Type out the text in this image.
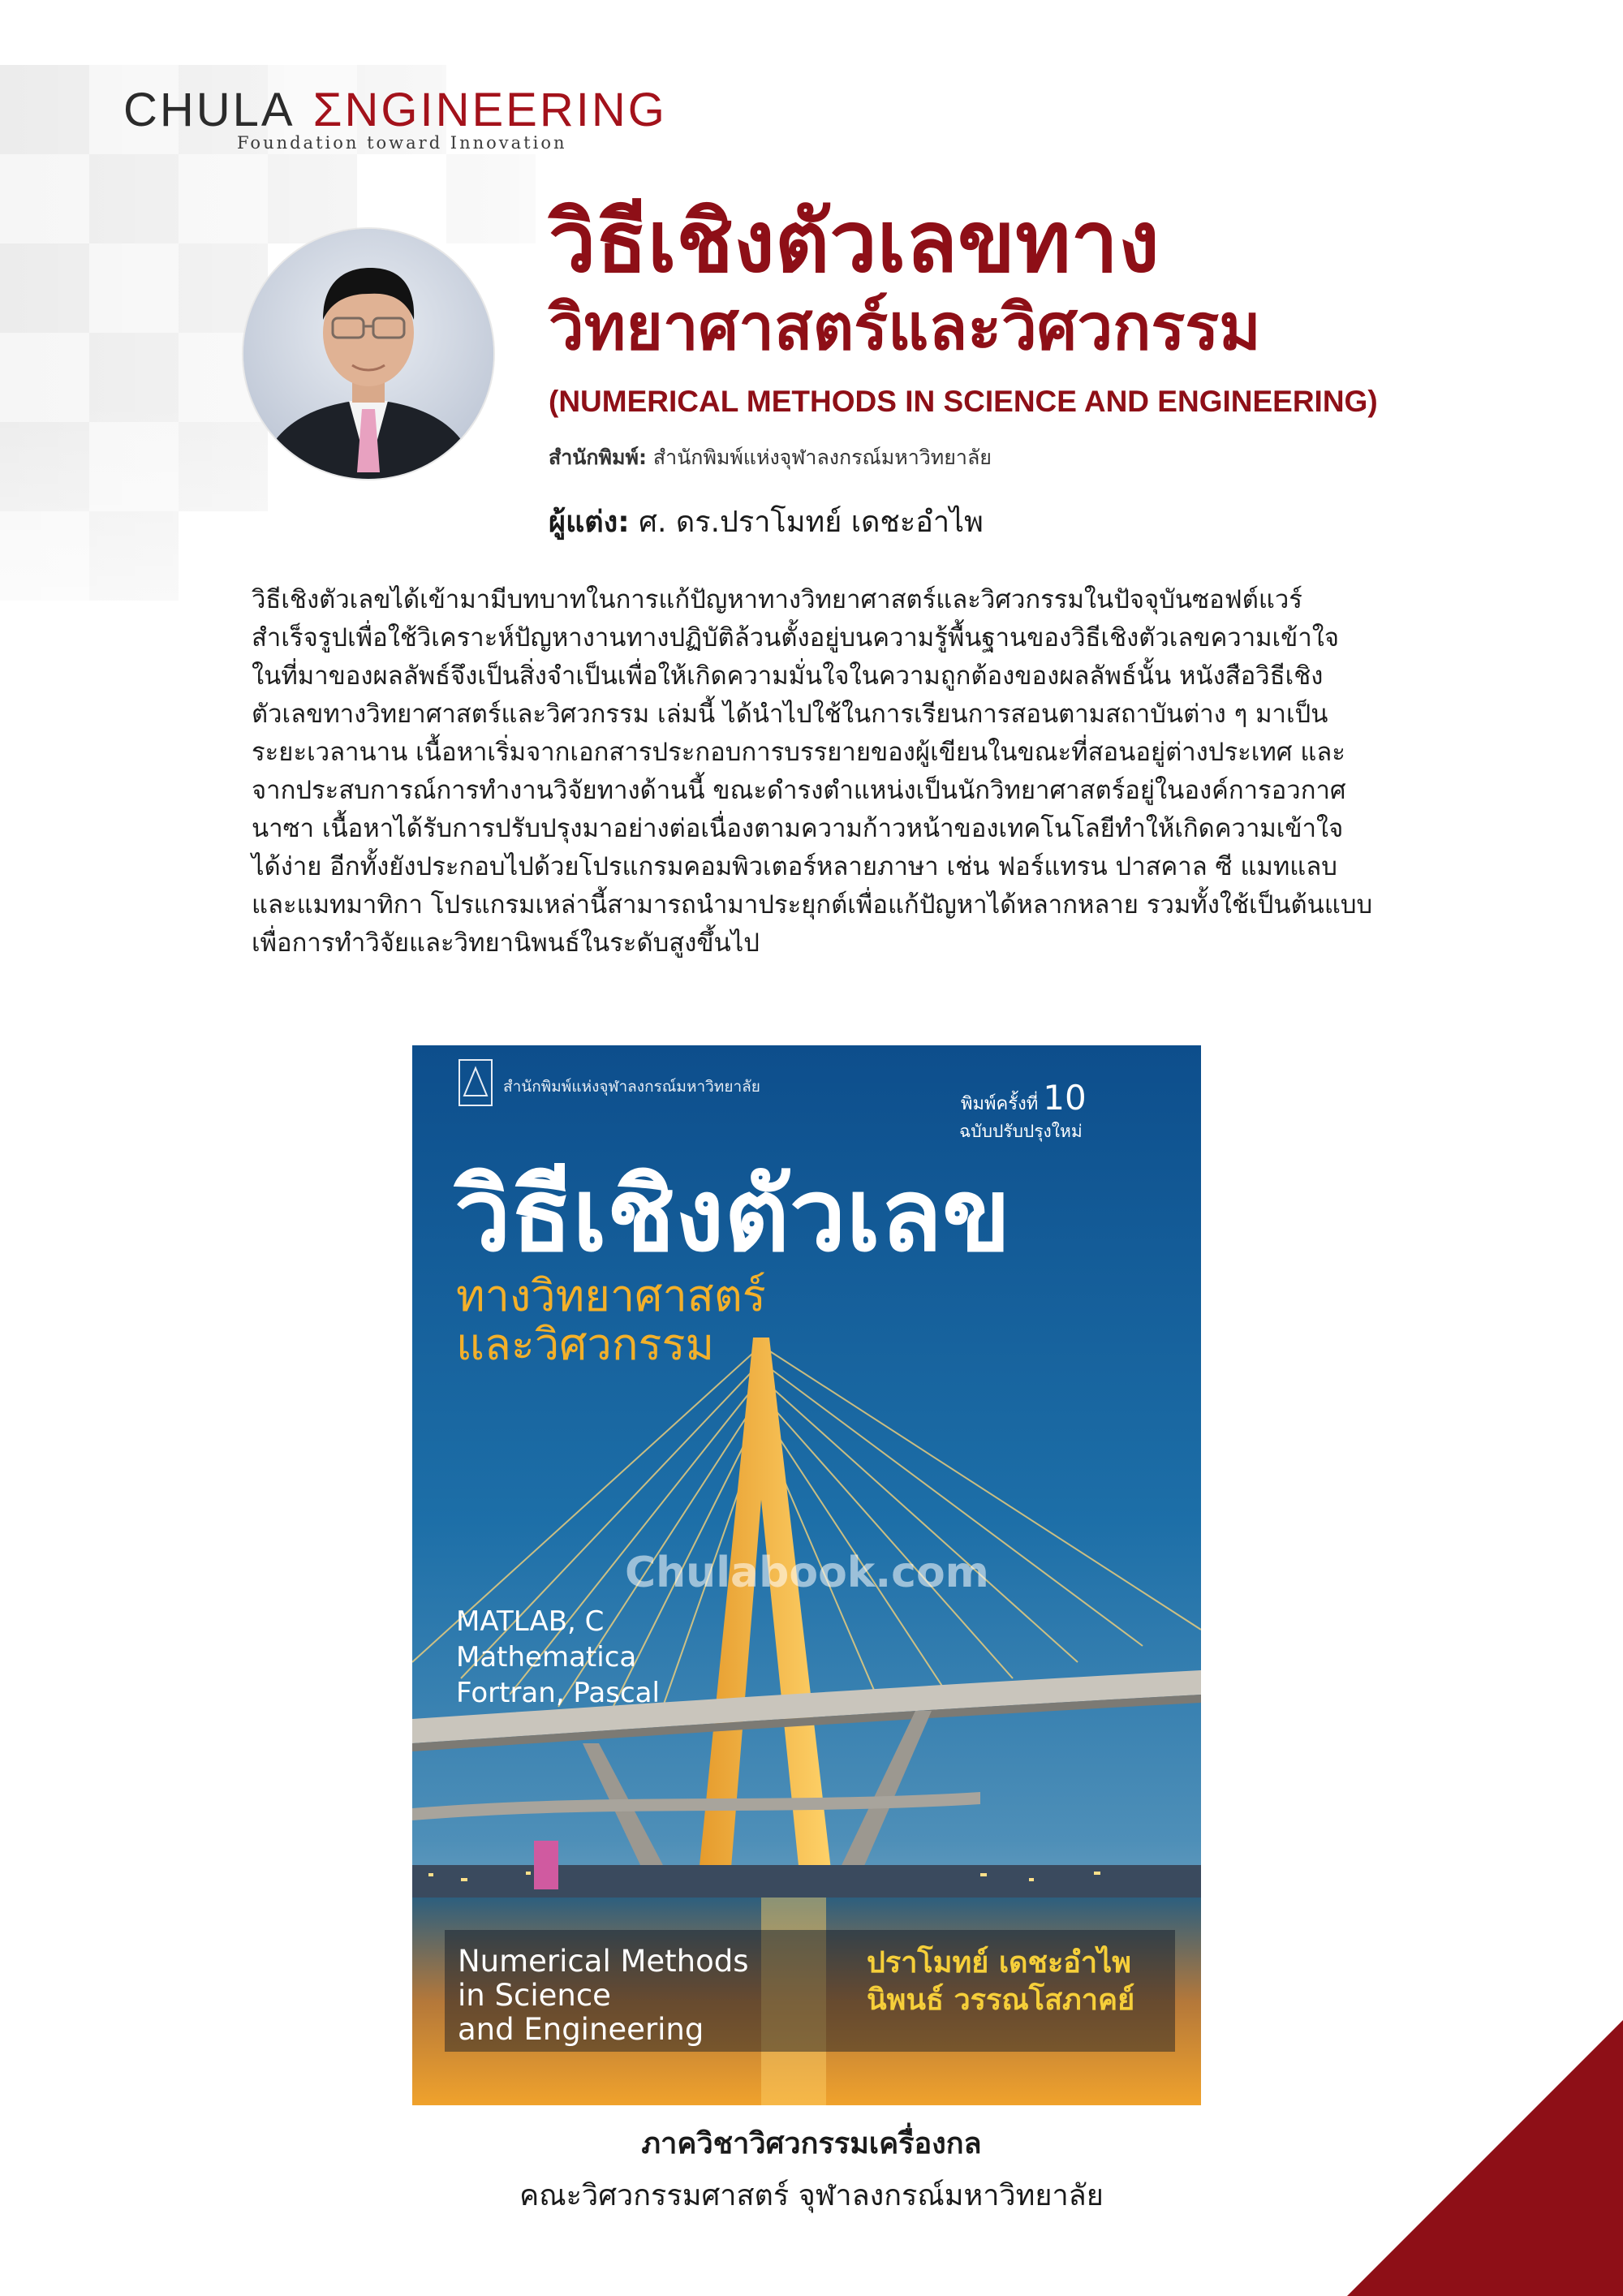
CHULA ƩNGINEERING
Foundation toward Innovation
วิธีเชิงตัวเลขทาง
วิทยาศาสตร์และวิศวกรรม
(NUMERICAL METHODS IN SCIENCE AND ENGINEERING)
สำนักพิมพ์: สำนักพิมพ์แห่งจุฬาลงกรณ์มหาวิทยาลัย
ผู้แต่ง: ศ. ดร.ปราโมทย์ เดชะอำไพ
วิธีเชิงตัวเลขได้เข้ามามีบทบาทในการแก้ปัญหาทางวิทยาศาสตร์และวิศวกรรมในปัจจุบันซอฟต์แวร์
สำเร็จรูปเพื่อใช้วิเคราะห์ปัญหางานทางปฏิบัติล้วนตั้งอยู่บนความรู้พื้นฐานของวิธีเชิงตัวเลขความเข้าใจ
ในที่มาของผลลัพธ์จึงเป็นสิ่งจำเป็นเพื่อให้เกิดความมั่นใจในความถูกต้องของผลลัพธ์นั้น หนังสือวิธีเชิง
ตัวเลขทางวิทยาศาสตร์และวิศวกรรม เล่มนี้ ได้นำไปใช้ในการเรียนการสอนตามสถาบันต่าง ๆ มาเป็น
ระยะเวลานาน เนื้อหาเริ่มจากเอกสารประกอบการบรรยายของผู้เขียนในขณะที่สอนอยู่ต่างประเทศ และ
จากประสบการณ์การทำงานวิจัยทางด้านนี้ ขณะดำรงตำแหน่งเป็นนักวิทยาศาสตร์อยู่ในองค์การอวกาศ
นาซา เนื้อหาได้รับการปรับปรุงมาอย่างต่อเนื่องตามความก้าวหน้าของเทคโนโลยีทำให้เกิดความเข้าใจ
ได้ง่าย อีกทั้งยังประกอบไปด้วยโปรแกรมคอมพิวเตอร์หลายภาษา เช่น ฟอร์แทรน ปาสคาล ซี แมทแลบ
และแมทมาทิกา โปรแกรมเหล่านี้สามารถนำมาประยุกต์เพื่อแก้ปัญหาได้หลากหลาย รวมทั้งใช้เป็นต้นแบบ
เพื่อการทำวิจัยและวิทยานิพนธ์ในระดับสูงขึ้นไป
สำนักพิมพ์แห่งจุฬาลงกรณ์มหาวิทยาลัย
พิมพ์ครั้งที่ 10
ฉบับปรับปรุงใหม่
วิธีเชิงตัวเลข
ทางวิทยาศาสตร์
และวิศวกรรม
Chulabook.com
MATLAB, C
Mathematica
Fortran, Pascal
Numerical Methods
in Science
and Engineering
ปราโมทย์ เดชะอำไพ
นิพนธ์ วรรณโสภาคย์
ภาควิชาวิศวกรรมเครื่องกล
คณะวิศวกรรมศาสตร์ จุฬาลงกรณ์มหาวิทยาลัย
